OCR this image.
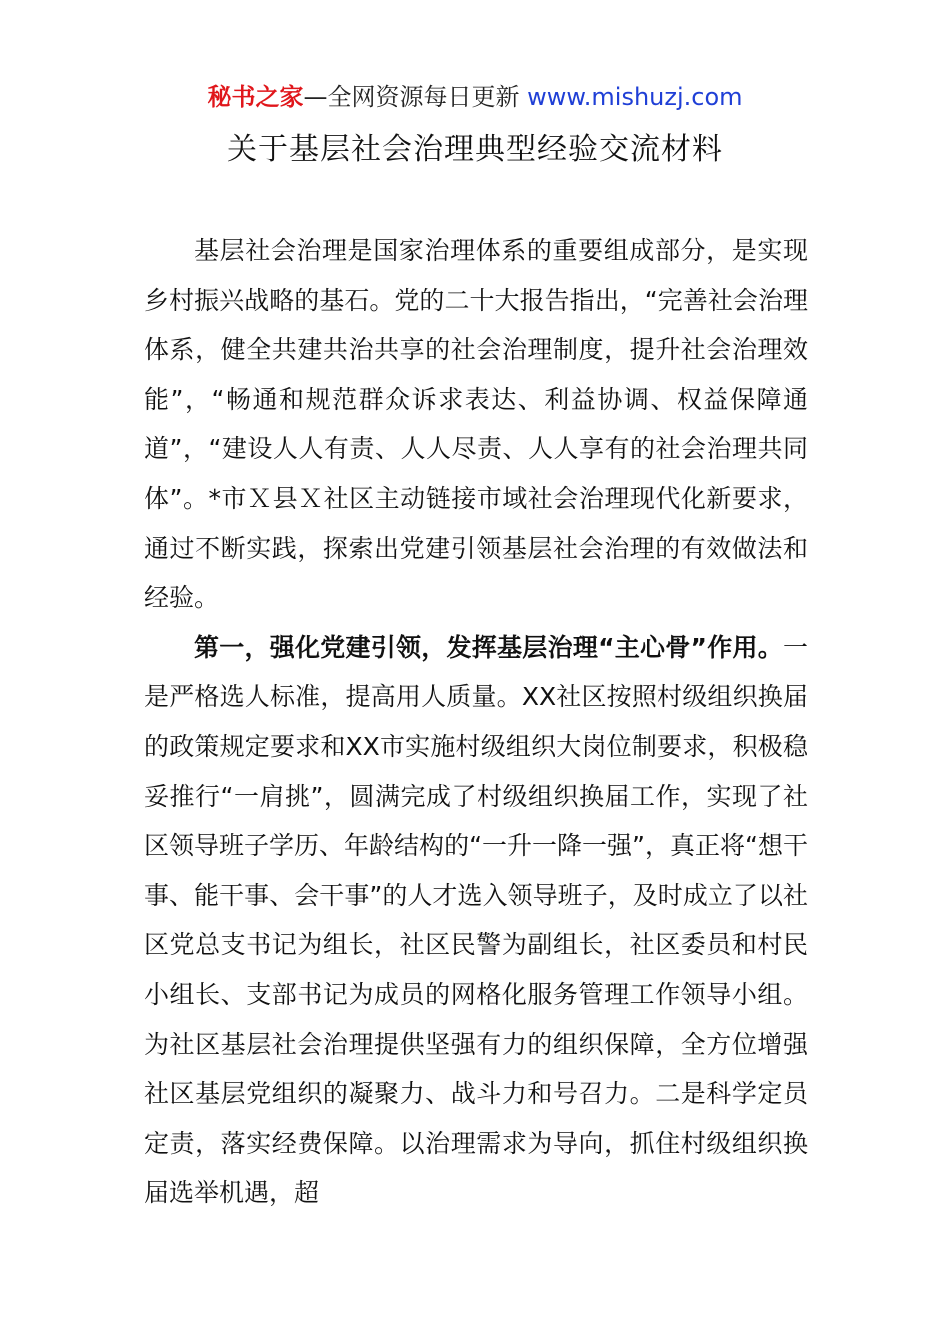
秘书之家—全网资源每日更新 www.mishuzj.com
关于基层社会治理典型经验交流材料

基层社会治理是国家治理体系的重要组成部分，是实现乡村振兴战略的基石。党的二十大报告指出，“完善社会治理体系，健全共建共治共享的社会治理制度，提升社会治理效能”，“畅通和规范群众诉求表达、利益协调、权益保障通道”，“建设人人有责、人人尽责、人人享有的社会治理共同体”。*市Ｘ县Ｘ社区主动链接市域社会治理现代化新要求，通过不断实践，探索出党建引领基层社会治理的有效做法和经验。

第一，强化党建引领，发挥基层治理“主心骨”作用。一是严格选人标准，提高用人质量。XX社区按照村级组织换届的政策规定要求和XX市实施村级组织大岗位制要求，积极稳妥推行“一肩挑”，圆满完成了村级组织换届工作，实现了社区领导班子学历、年龄结构的“一升一降一强”，真正将“想干事、能干事、会干事”的人才选入领导班子，及时成立了以社区党总支书记为组长，社区民警为副组长，社区委员和村民小组长、支部书记为成员的网格化服务管理工作领导小组。为社区基层社会治理提供坚强有力的组织保障，全方位增强社区基层党组织的凝聚力、战斗力和号召力。二是科学定员定责，落实经费保障。以治理需求为导向，抓住村级组织换届选举机遇，超
